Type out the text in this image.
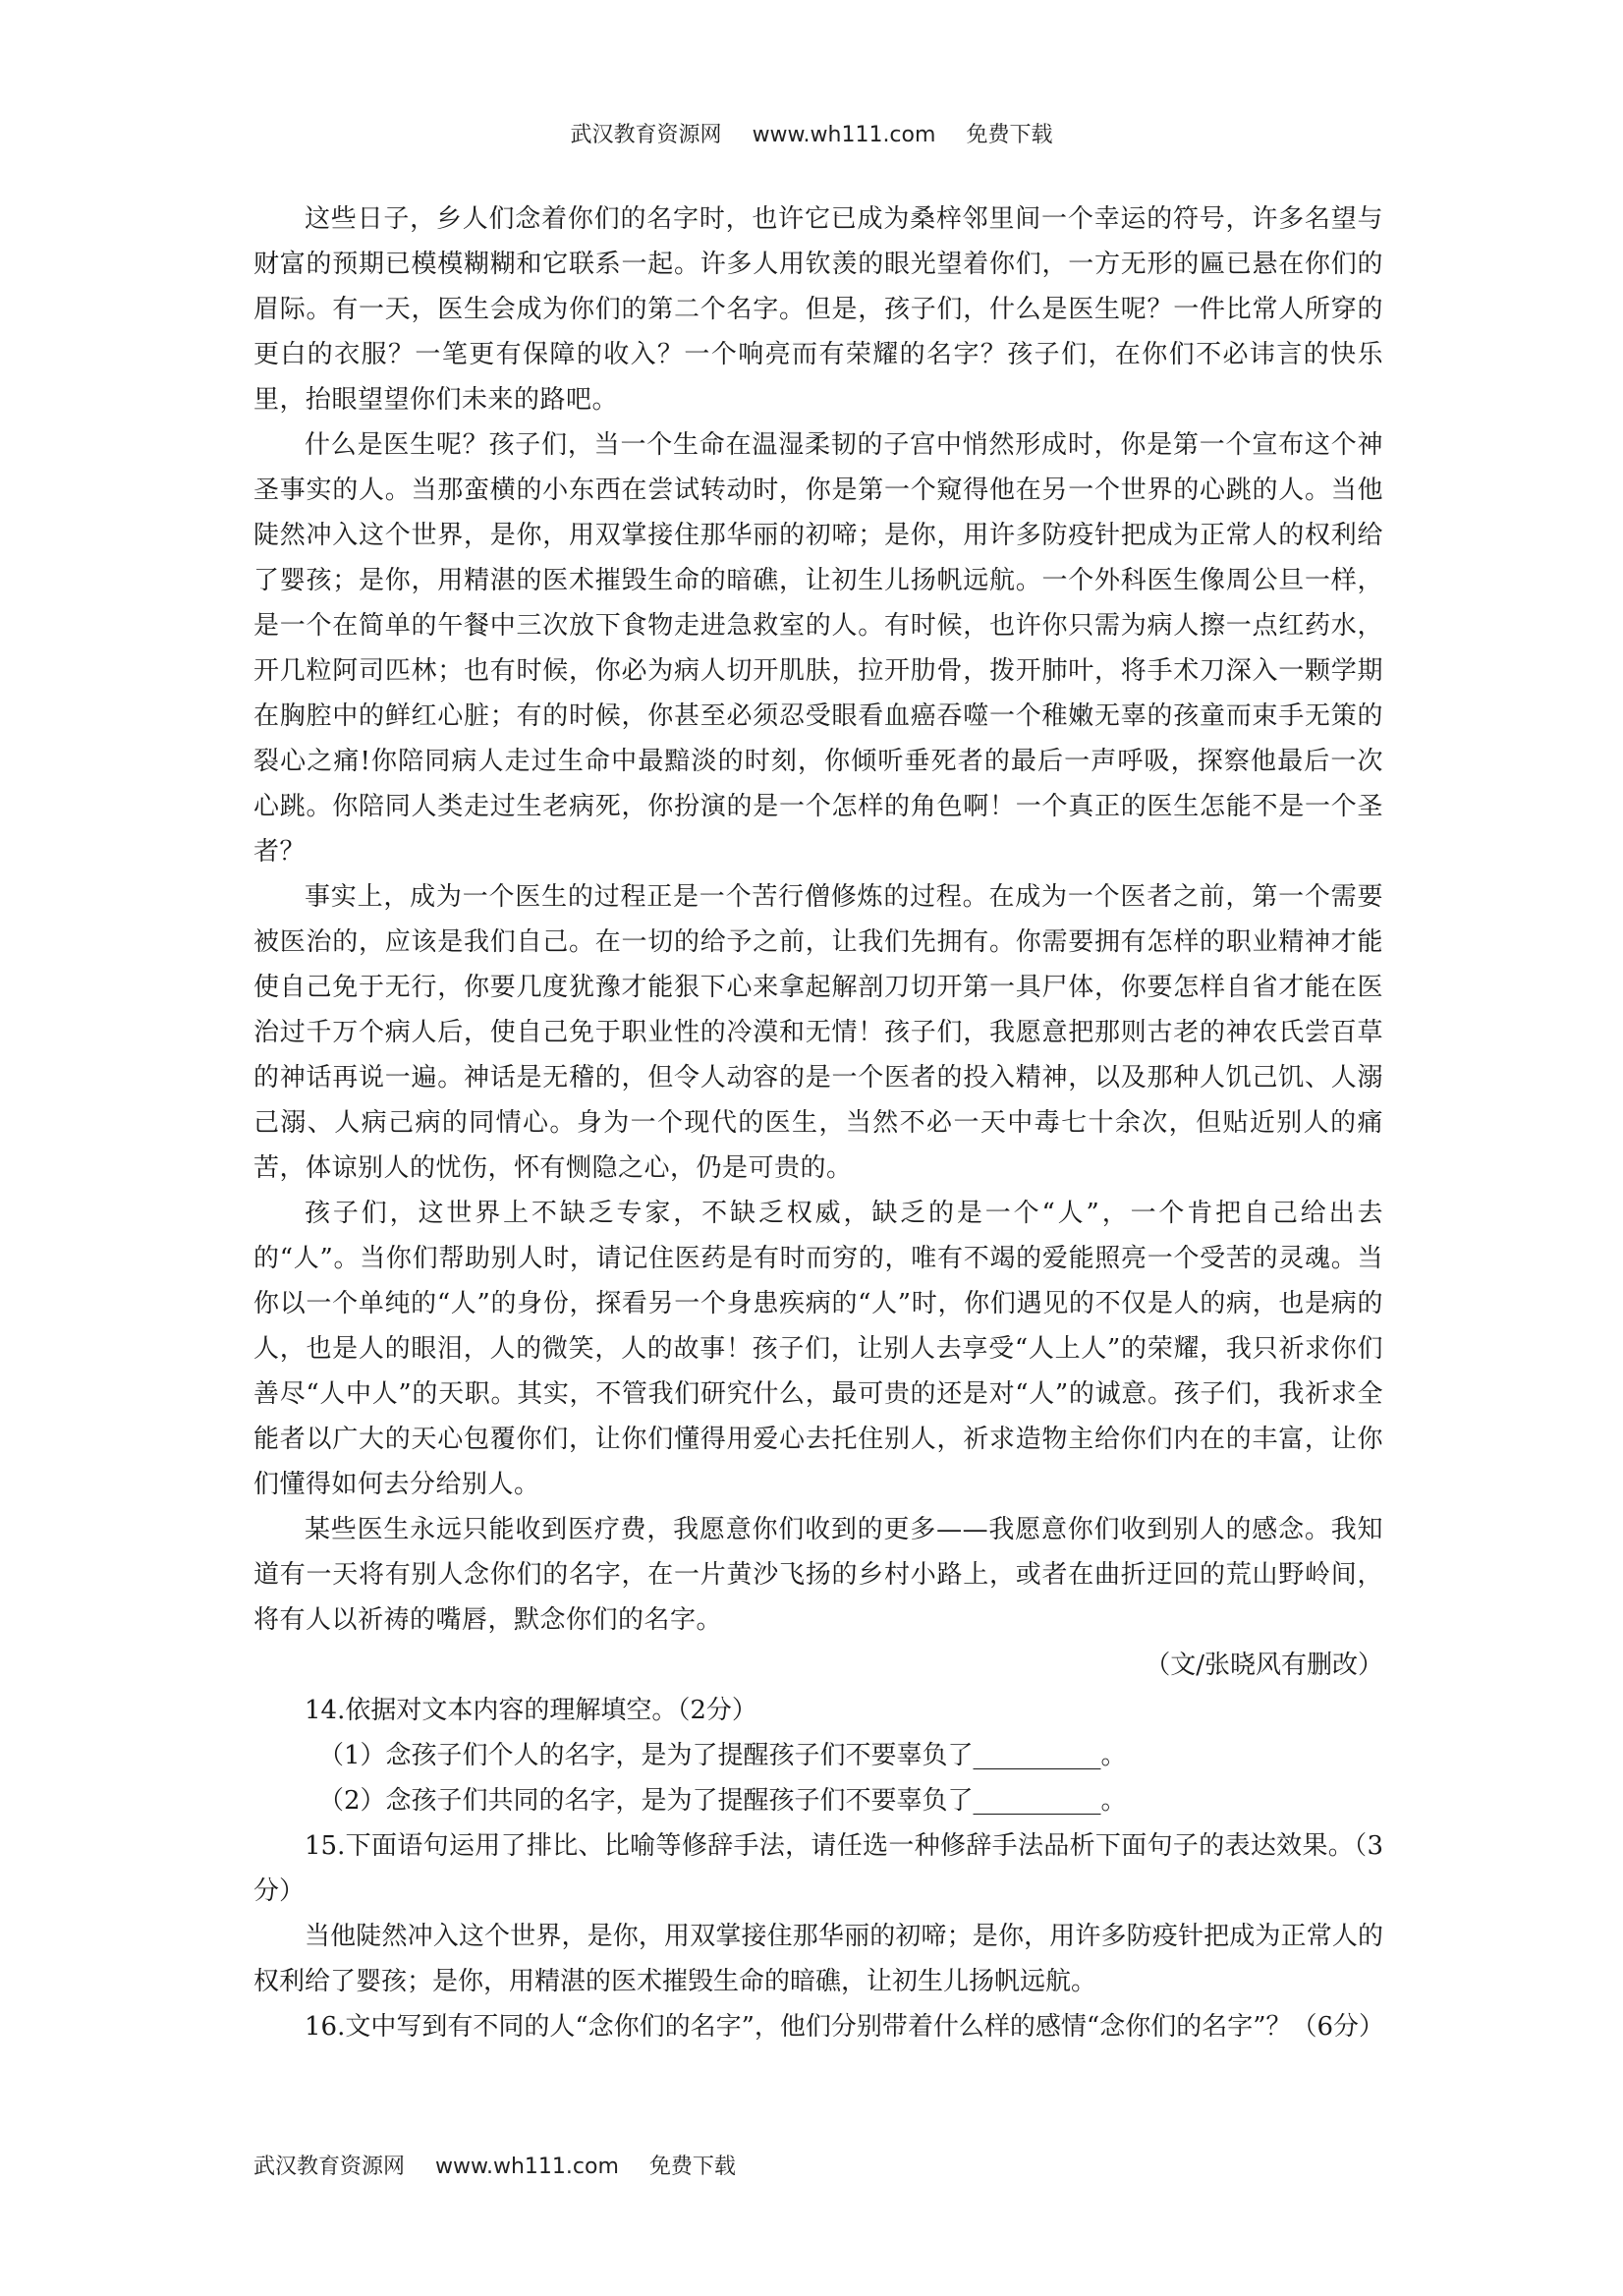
武汉教育资源网 www.wh111.com 免费下载

这些日子，乡人们念着你们的名字时，也许它已成为桑梓邻里间一个幸运的符号，许多名望与财富的预期已模模糊糊和它联系一起。许多人用钦羡的眼光望着你们，一方无形的匾已悬在你们的眉际。有一天，医生会成为你们的第二个名字。但是，孩子们，什么是医生呢？一件比常人所穿的更白的衣服？一笔更有保障的收入？一个响亮而有荣耀的名字？孩子们，在你们不必讳言的快乐里，抬眼望望你们未来的路吧。

什么是医生呢？孩子们，当一个生命在温湿柔韧的子宫中悄然形成时，你是第一个宣布这个神圣事实的人。当那蛮横的小东西在尝试转动时，你是第一个窥得他在另一个世界的心跳的人。当他陡然冲入这个世界，是你，用双掌接住那华丽的初啼；是你，用许多防疫针把成为正常人的权利给了婴孩；是你，用精湛的医术摧毁生命的暗礁，让初生儿扬帆远航。一个外科医生像周公旦一样，是一个在简单的午餐中三次放下食物走进急救室的人。有时候，也许你只需为病人擦一点红药水，开几粒阿司匹林；也有时候，你必为病人切开肌肤，拉开肋骨，拨开肺叶，将手术刀深入一颗学期在胸腔中的鲜红心脏；有的时候，你甚至必须忍受眼看血癌吞噬一个稚嫩无辜的孩童而束手无策的裂心之痛!你陪同病人走过生命中最黯淡的时刻，你倾听垂死者的最后一声呼吸，探察他最后一次心跳。你陪同人类走过生老病死，你扮演的是一个怎样的角色啊！一个真正的医生怎能不是一个圣者？

事实上，成为一个医生的过程正是一个苦行僧修炼的过程。在成为一个医者之前，第一个需要被医治的，应该是我们自己。在一切的给予之前，让我们先拥有。你需要拥有怎样的职业精神才能使自己免于无行，你要几度犹豫才能狠下心来拿起解剖刀切开第一具尸体，你要怎样自省才能在医治过千万个病人后，使自己免于职业性的冷漠和无情！孩子们，我愿意把那则古老的神农氏尝百草的神话再说一遍。神话是无稽的，但令人动容的是一个医者的投入精神，以及那种人饥己饥、人溺己溺、人病己病的同情心。身为一个现代的医生，当然不必一天中毒七十余次，但贴近别人的痛苦，体谅别人的忧伤，怀有恻隐之心，仍是可贵的。

孩子们，这世界上不缺乏专家，不缺乏权威，缺乏的是一个“人”，一个肯把自己给出去的“人”。当你们帮助别人时，请记住医药是有时而穷的，唯有不竭的爱能照亮一个受苦的灵魂。当你以一个单纯的“人”的身份，探看另一个身患疾病的“人”时，你们遇见的不仅是人的病，也是病的人，也是人的眼泪，人的微笑，人的故事！孩子们，让别人去享受“人上人”的荣耀，我只祈求你们善尽“人中人”的天职。其实，不管我们研究什么，最可贵的还是对“人”的诚意。孩子们，我祈求全能者以广大的天心包覆你们，让你们懂得用爱心去托住别人，祈求造物主给你们内在的丰富，让你们懂得如何去分给别人。

某些医生永远只能收到医疗费，我愿意你们收到的更多——我愿意你们收到别人的感念。我知道有一天将有别人念你们的名字，在一片黄沙飞扬的乡村小路上，或者在曲折迂回的荒山野岭间，将有人以祈祷的嘴唇，默念你们的名字。

（文/张晓风有删改）

14.依据对文本内容的理解填空。（2分）

（1）念孩子们个人的名字，是为了提醒孩子们不要辜负了__________。

（2）念孩子们共同的名字，是为了提醒孩子们不要辜负了__________。

15.下面语句运用了排比、比喻等修辞手法，请任选一种修辞手法品析下面句子的表达效果。（3分）

当他陡然冲入这个世界，是你，用双掌接住那华丽的初啼；是你，用许多防疫针把成为正常人的权利给了婴孩；是你，用精湛的医术摧毁生命的暗礁，让初生儿扬帆远航。

16.文中写到有不同的人“念你们的名字”，他们分别带着什么样的感情“念你们的名字”？（6分）

武汉教育资源网 www.wh111.com 免费下载
